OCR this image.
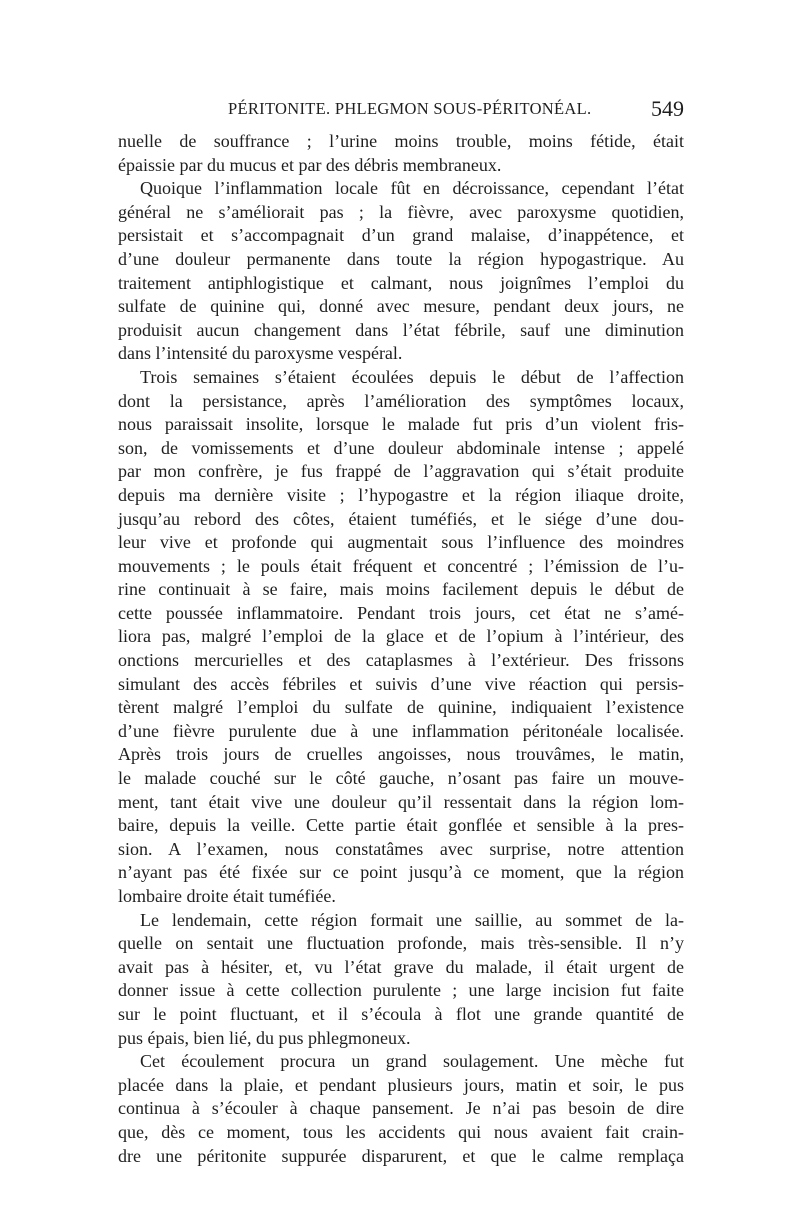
PÉRITONITE. PHLEGMON SOUS-PÉRITONÉAL.	549
nuelle de souffrance ; l’urine moins trouble, moins fétide, était
épaissie par du mucus et par des débris membraneux.
Quoique l’inflammation locale fût en décroissance, cependant l’état
général ne s’améliorait pas ; la fièvre, avec paroxysme quotidien,
persistait et s’accompagnait d’un grand malaise, d’inappétence, et
d’une douleur permanente dans toute la région hypogastrique. Au
traitement antiphlogistique et calmant, nous joignîmes l’emploi du
sulfate de quinine qui, donné avec mesure, pendant deux jours, ne
produisit aucun changement dans l’état fébrile, sauf une diminution
dans l’intensité du paroxysme vespéral.
Trois semaines s’étaient écoulées depuis le début de l’affection
dont la persistance, après l’amélioration des symptômes locaux,
nous paraissait insolite, lorsque le malade fut pris d’un violent fris-
son, de vomissements et d’une douleur abdominale intense ; appelé
par mon confrère, je fus frappé de l’aggravation qui s’était produite
depuis ma dernière visite ; l’hypogastre et la région iliaque droite,
jusqu’au rebord des côtes, étaient tuméfiés, et le siége d’une dou-
leur vive et profonde qui augmentait sous l’influence des moindres
mouvements ; le pouls était fréquent et concentré ; l’émission de l’u-
rine continuait à se faire, mais moins facilement depuis le début de
cette poussée inflammatoire. Pendant trois jours, cet état ne s’amé-
liora pas, malgré l’emploi de la glace et de l’opium à l’intérieur, des
onctions mercurielles et des cataplasmes à l’extérieur. Des frissons
simulant des accès fébriles et suivis d’une vive réaction qui persis-
tèrent malgré l’emploi du sulfate de quinine, indiquaient l’existence
d’une fièvre purulente due à une inflammation péritonéale localisée.
Après trois jours de cruelles angoisses, nous trouvâmes, le matin,
le malade couché sur le côté gauche, n’osant pas faire un mouve-
ment, tant était vive une douleur qu’il ressentait dans la région lom-
baire, depuis la veille. Cette partie était gonflée et sensible à la pres-
sion. A l’examen, nous constatâmes avec surprise, notre attention
n’ayant pas été fixée sur ce point jusqu’à ce moment, que la région
lombaire droite était tuméfiée.
Le lendemain, cette région formait une saillie, au sommet de la-
quelle on sentait une fluctuation profonde, mais très-sensible. Il n’y
avait pas à hésiter, et, vu l’état grave du malade, il était urgent de
donner issue à cette collection purulente ; une large incision fut faite
sur le point fluctuant, et il s’écoula à flot une grande quantité de
pus épais, bien lié, du pus phlegmoneux.
Cet écoulement procura un grand soulagement. Une mèche fut
placée dans la plaie, et pendant plusieurs jours, matin et soir, le pus
continua à s’écouler à chaque pansement. Je n’ai pas besoin de dire
que, dès ce moment, tous les accidents qui nous avaient fait crain-
dre une péritonite suppurée disparurent, et que le calme remplaça
